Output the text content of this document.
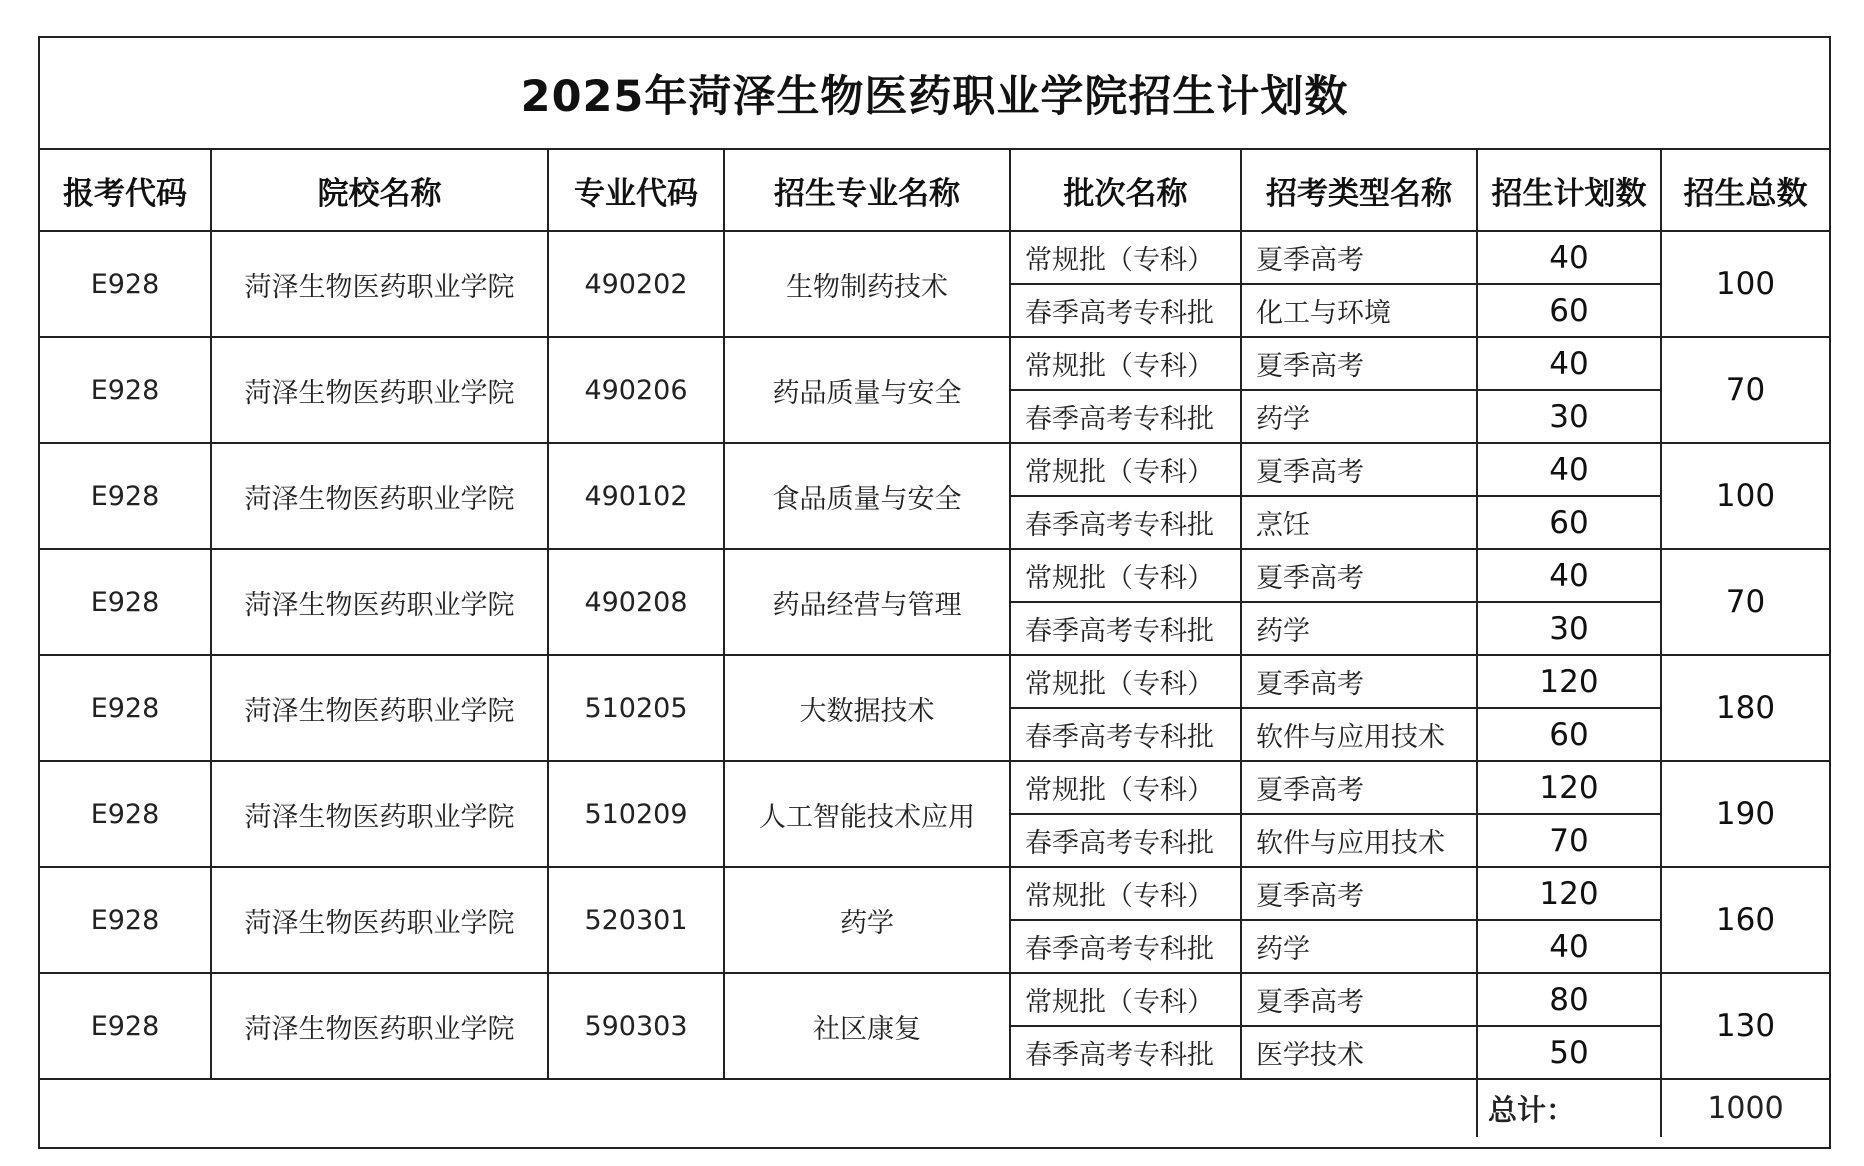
2025年菏泽生物医药职业学院招生计划数
报考代码	院校名称	专业代码	招生专业名称	批次名称	招考类型名称	招生计划数	招生总数
E928	菏泽生物医药职业学院	490202	生物制药技术	常规批（专科）	夏季高考	40	100
				春季高考专科批	化工与环境	60	
E928	菏泽生物医药职业学院	490206	药品质量与安全	常规批（专科）	夏季高考	40	70
				春季高考专科批	药学	30	
E928	菏泽生物医药职业学院	490102	食品质量与安全	常规批（专科）	夏季高考	40	100
				春季高考专科批	烹饪	60	
E928	菏泽生物医药职业学院	490208	药品经营与管理	常规批（专科）	夏季高考	40	70
				春季高考专科批	药学	30	
E928	菏泽生物医药职业学院	510205	大数据技术	常规批（专科）	夏季高考	120	180
				春季高考专科批	软件与应用技术	60	
E928	菏泽生物医药职业学院	510209	人工智能技术应用	常规批（专科）	夏季高考	120	190
				春季高考专科批	软件与应用技术	70	
E928	菏泽生物医药职业学院	520301	药学	常规批（专科）	夏季高考	120	160
				春季高考专科批	药学	40	
E928	菏泽生物医药职业学院	590303	社区康复	常规批（专科）	夏季高考	80	130
				春季高考专科批	医学技术	50	
						总计：	1000
